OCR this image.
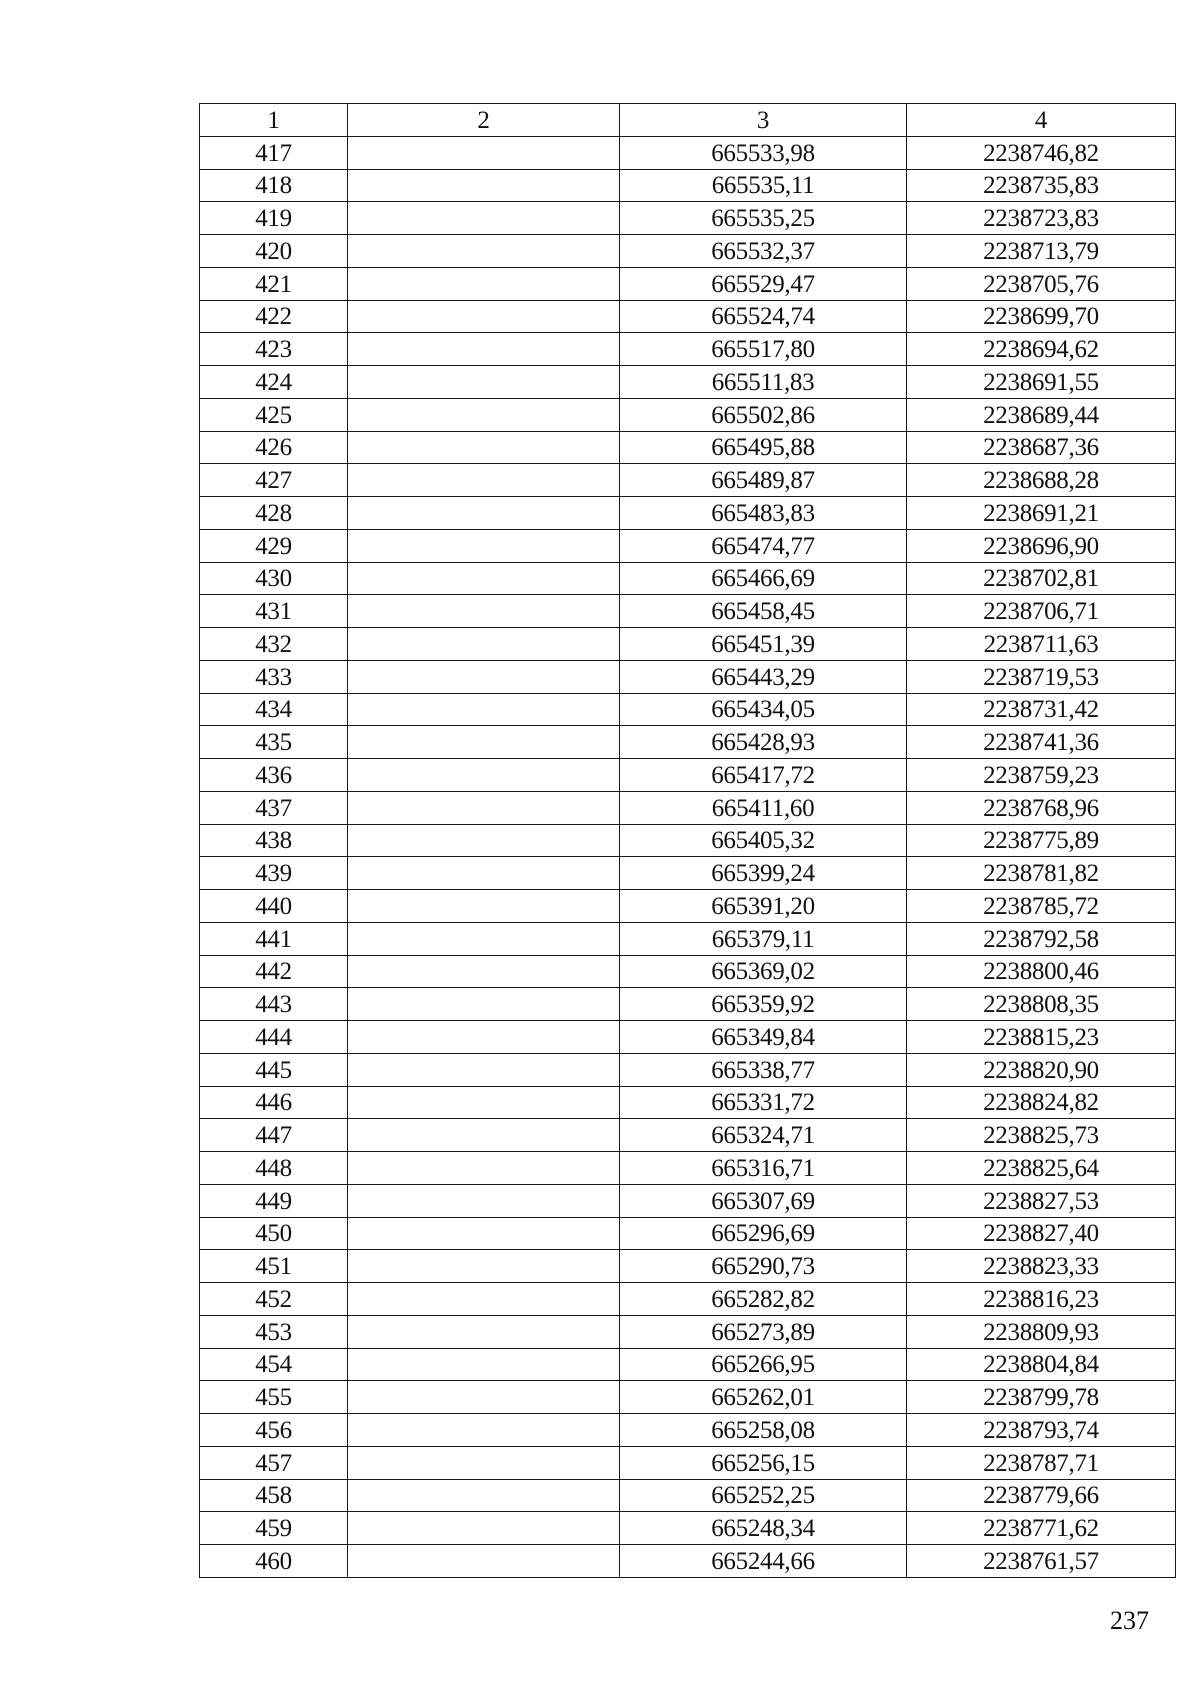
1	2	3	4
417		665533,98	2238746,82
418		665535,11	2238735,83
419		665535,25	2238723,83
420		665532,37	2238713,79
421		665529,47	2238705,76
422		665524,74	2238699,70
423		665517,80	2238694,62
424		665511,83	2238691,55
425		665502,86	2238689,44
426		665495,88	2238687,36
427		665489,87	2238688,28
428		665483,83	2238691,21
429		665474,77	2238696,90
430		665466,69	2238702,81
431		665458,45	2238706,71
432		665451,39	2238711,63
433		665443,29	2238719,53
434		665434,05	2238731,42
435		665428,93	2238741,36
436		665417,72	2238759,23
437		665411,60	2238768,96
438		665405,32	2238775,89
439		665399,24	2238781,82
440		665391,20	2238785,72
441		665379,11	2238792,58
442		665369,02	2238800,46
443		665359,92	2238808,35
444		665349,84	2238815,23
445		665338,77	2238820,90
446		665331,72	2238824,82
447		665324,71	2238825,73
448		665316,71	2238825,64
449		665307,69	2238827,53
450		665296,69	2238827,40
451		665290,73	2238823,33
452		665282,82	2238816,23
453		665273,89	2238809,93
454		665266,95	2238804,84
455		665262,01	2238799,78
456		665258,08	2238793,74
457		665256,15	2238787,71
458		665252,25	2238779,66
459		665248,34	2238771,62
460		665244,66	2238761,57
237
